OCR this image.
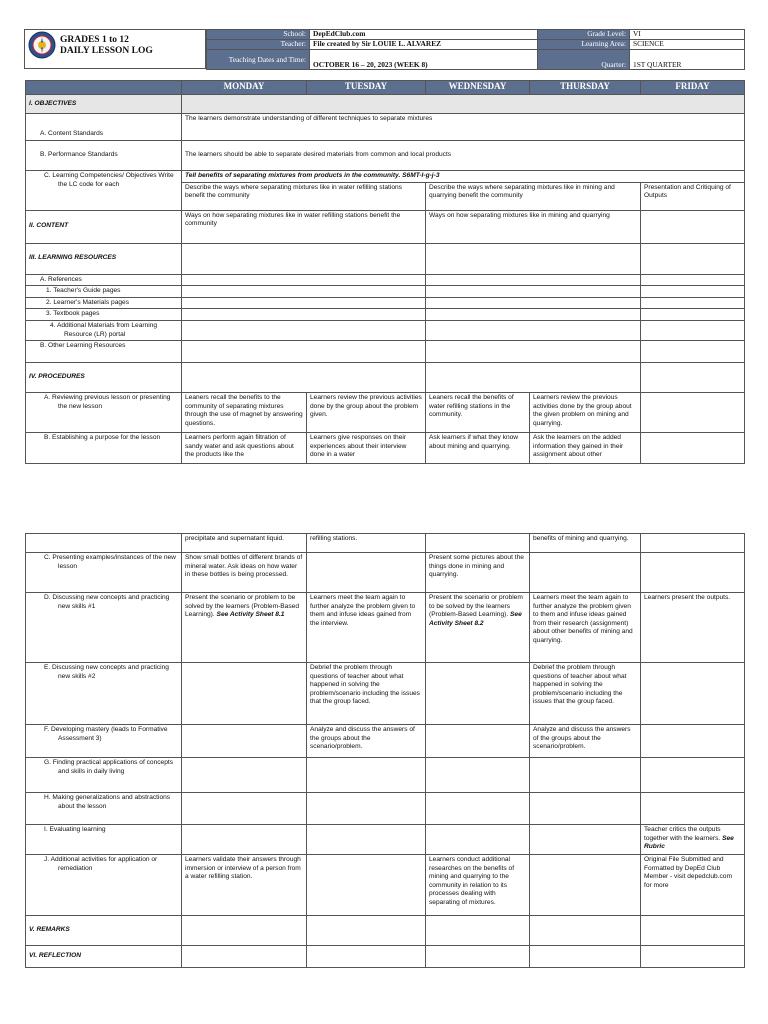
GRADES 1 to 12
DAILY LESSON LOG
School:	DepEdClub.com	Grade Level:	VI
Teacher:	File created by Sir LOUIE L. ALVAREZ	Learning Area:	SCIENCE
Teaching Dates and Time:	OCTOBER 16 – 20, 2023 (WEEK 8)	Quarter:	1ST QUARTER
	MONDAY	TUESDAY	WEDNESDAY	THURSDAY	FRIDAY
I. OBJECTIVES					
A. Content Standards	The learners demonstrate understanding of different techniques to separate mixtures				
B. Performance Standards	The learners should be able to separate desired materials from common and local products				

C. Learning Competencies/ Objectives Write the LC code for each	Tell benefits of separating mixtures from products in the community. S6MT-I-g-j-3				
	Describe the ways where separating mixtures like in water refilling stations benefit the community		Describe the ways where separating mixtures like in mining and quarrying benefit the community		Presentation and Critiquing of Outputs
II. CONTENT	Ways on how separating mixtures like in water refilling stations benefit the community		Ways on how separating mixtures like in mining and quarrying		
III. LEARNING RESOURCES					
A. References					
1. Teacher's Guide pages					
2. Learner's Materials pages					
3. Textbook pages					

4. Additional Materials from Learning Resource (LR) portal					

B. Other Learning Resources					
IV. PROCEDURES					

A. Reviewing previous lesson or presenting the new lesson	Leaners recall the benefits to the community of separating mixtures through the use of magnet by answering questions.	Learners review the previous activities done by the group about the problem given.	Leaners recall the benefits of water refilling stations in the community.	Learners review the previous activities done by the group about the given problem on mining and quarrying.	

B. Establishing a purpose for the lesson	Learners perform again filtration of sandy water and ask questions about the products like the	Learners give responses on their experiences about their interview done in a water	Ask learners if what they know about mining and quarrying.	Ask the learners on the added information they gained in their assignment about other	
	precipitate and supernatant liquid.	refilling stations.		benefits of mining and quarrying.	

C. Presenting examples/instances of the new lesson	Show small bottles of different brands of mineral water. Ask ideas on how water in these bottles is being processed.		Present some pictures about the things done in mining and quarrying.		

D. Discussing new concepts and practicing new skills #1	Present the scenario or problem to be solved by the learners (Problem-Based Learning). See Activity Sheet 8.1	Learners meet the team again to further analyze the problem given to them and infuse ideas gained from the interview.	Present the scenario or problem to be solved by the learners (Problem-Based Learning). See Activity Sheet 8.2	Learners meet the team again to further analyze the problem given to them and infuse ideas gained from their research (assignment) about other benefits of mining and quarrying.	Learners present the outputs.

E. Discussing new concepts and practicing new skills #2		Debrief the problem through questions of teacher about what happened in solving the problem/scenario including the issues that the group faced.		Debrief the problem through questions of teacher about what happened in solving the problem/scenario including the issues that the group faced.	

F. Developing mastery (leads to Formative Assessment 3)		Analyze and discuss the answers of the groups about the scenario/problem.		Analyze and discuss the answers of the groups about the scenario/problem.	

G. Finding practical applications of concepts and skills in daily living					

H. Making generalizations and abstractions about the lesson					

I. Evaluating learning					Teacher critics the outputs together with the learners. See Rubric

J. Additional activities for application or remediation	Learners validate their answers through immersion or interview of a person from a water refilling station.		Learners conduct additional researches on the benefits of mining and quarrying to the community in relation to its processes dealing with separating of mixtures.		Original File Submitted and Formatted by DepEd Club Member - visit depedclub.com for more
V. REMARKS					
VI. REFLECTION					
